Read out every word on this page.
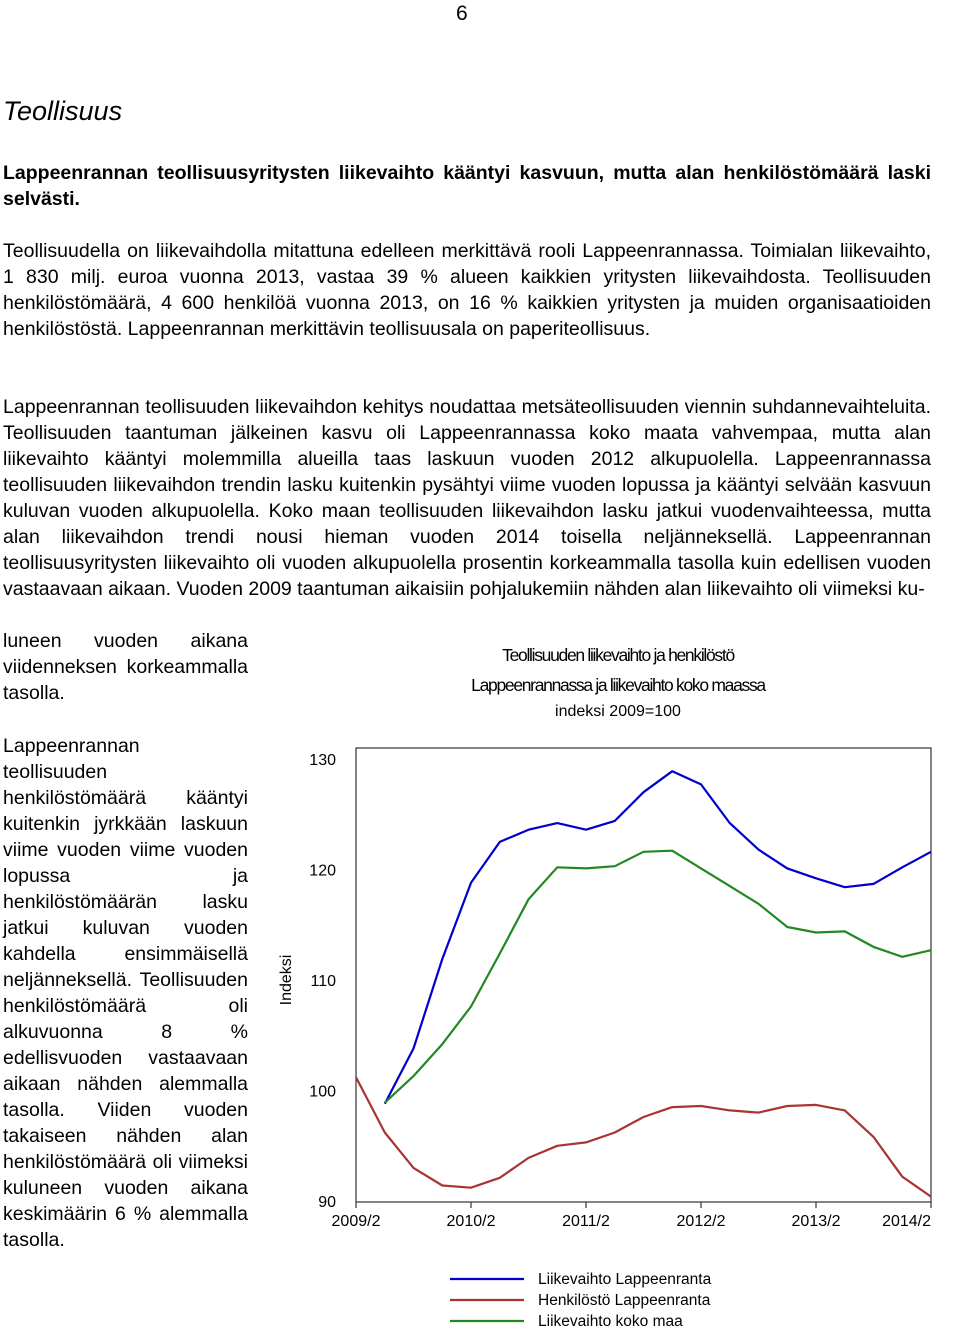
6
Teollisuus

Lappeenrannan teollisuusyritysten liikevaihto kääntyi kasvuun, mutta alan henkilöstömäärä laski selvästi.

Teollisuudella on liikevaihdolla mitattuna edelleen merkittävä rooli Lappeenrannassa. Toimialan liikevaihto, 1 830 milj. euroa vuonna 2013, vastaa 39 % alueen kaikkien yritysten liikevaihdosta. Teollisuuden henkilöstömäärä, 4 600 henkilöä vuonna 2013, on 16 % kaikkien yritysten ja muiden organisaatioiden henkilöstöstä. Lappeenrannan merkittävin teollisuusala on paperiteollisuus.

Lappeenrannan teollisuuden liikevaihdon kehitys noudattaa metsäteollisuuden viennin suhdannevaihteluita. Teollisuuden taantuman jälkeinen kasvu oli Lappeenrannassa koko maata vahvempaa, mutta alan liikevaihto kääntyi molemmilla alueilla taas laskuun vuoden 2012 alkupuolella. Lappeenrannassa teollisuuden liikevaihdon trendin lasku kuitenkin pysähtyi viime vuoden lopussa ja kääntyi selvään kasvuun kuluvan vuoden alkupuolella. Koko maan teollisuuden liikevaihdon lasku jatkui vuodenvaihteessa, mutta alan liikevaihdon trendi nousi hieman vuoden 2014 toisella neljänneksellä. Lappeenrannan teollisuusyritysten liikevaihto oli vuoden alkupuolella prosentin korkeammalla tasolla kuin edellisen vuoden vastaavaan aikaan. Vuoden 2009 taantuman aikaisiin pohjalukemiin nähden alan liikevaihto oli viimeksi ku-

luneen vuoden aikana viidenneksen korkeammalla tasolla.

Lappeenrannan teollisuuden henkilöstömäärä kääntyi kuitenkin jyrkkään laskuun viime vuoden viime vuoden lopussa ja henkilöstömäärän lasku jatkui kuluvan vuoden kahdella ensimmäisellä neljänneksellä. Teollisuuden henkilöstömäärä oli alkuvuonna 8 % edellisvuoden vastaavaan aikaan nähden alemmalla tasolla. Viiden vuoden takaiseen nähden alan henkilöstömäärä oli viimeksi kuluneen vuoden aikana keskimäärin 6 % alemmalla tasolla.

Teollisuuden liikevaihto ja henkilöstö
Lappeenrannassa ja liikevaihto koko maassa
indeksi 2009=100
Indeksi
90
100
110
120
130
2009/2	2010/2	2011/2	2012/2	2013/2	2014/2
Liikevaihto Lappeenranta
Henkilöstö Lappeenranta
Liikevaihto koko maa
